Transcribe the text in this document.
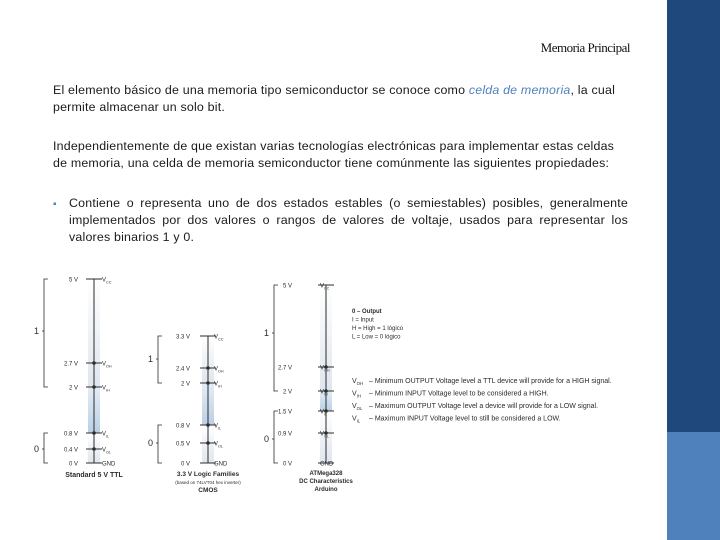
Memoria Principal
El elemento básico de una memoria tipo semiconductor se conoce como celda de memoria, la cual permite almacenar un solo bit.
Independientemente de que existan varias tecnologías electrónicas para implementar estas celdas de memoria, una celda de memoria semiconductor tiene comúnmente las siguientes propiedades:
▪	Contiene o representa uno de dos estados estables (o semiestables) posibles, generalmente implementados por dos valores o rangos de valores de voltaje, usados para representar los valores binarios 1 y 0.
5 V	$V_{CC}$
2.7 V	$V_{OH}$
2 V	$V_{IH}$
0.8 V	$V_{IL}$
0.4 V	$V_{OL}$
0 V	GND
1
0
Standard 5 V TTL
3.3 V	$V_{CC}$
2.4 V	$V_{OH}$
2 V	$V_{IH}$
0.8 V	$V_{IL}$
0.5 V	$V_{OL}$
0 V	GND
1
0
3.3 V Logic Families
(based on 74LVT04 hex inverter)
CMOS
5 V	$V_{CC}$
2.7 V	$V_{OH}$
2 V	$V_{IH}$
1.5 V	$V_{IL}$
0.9 V	$V_{OL}$
0 V	GND
1
0
ATMega328
DC Characteristics
Arduino
0 – Output
I = Input
H = High = 1 lógico
L = Low = 0 lógico
$V_{OH}$ – Minimum OUTPUT Voltage level a TTL device will provide for a HIGH signal.
$V_{IH}$ – Minimum INPUT Voltage level to be considered a HIGH.
$V_{OL}$ – Maximum OUTPUT Voltage level a device will provide for a LOW signal.
$V_{IL}$ – Maximum INPUT Voltage level to still be considered a LOW.
